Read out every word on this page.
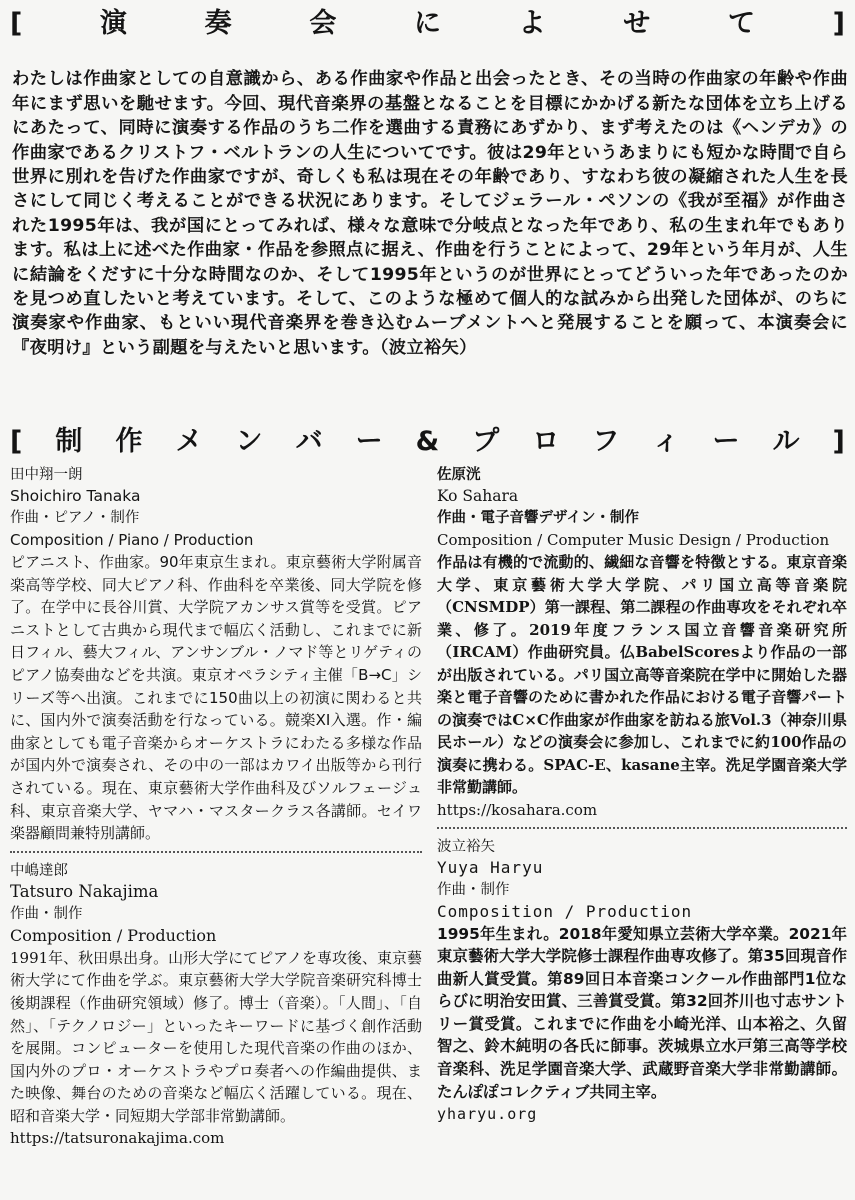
[	演	奏	会	に	よ	せ	て	]

わたしは作曲家としての自意識から、ある作曲家や作品と出会ったとき、その当時の作曲家の年齢や作曲年にまず思いを馳せます。今回、現代音楽界の基盤となることを目標にかかげる新たな団体を立ち上げるにあたって、同時に演奏する作品のうち二作を選曲する責務にあずかり、まず考えたのは《ヘンデカ》の作曲家であるクリストフ・ベルトランの人生についてです。彼は29年というあまりにも短かな時間で自ら世界に別れを告げた作曲家ですが、奇しくも私は現在その年齢であり、すなわち彼の凝縮された人生を長さにして同じく考えることができる状況にあります。そしてジェラール・ペソンの《我が至福》が作曲された1995年は、我が国にとってみれば、様々な意味で分岐点となった年であり、私の生まれ年でもあります。私は上に述べた作曲家・作品を参照点に据え、作曲を行うことによって、29年という年月が、人生に結論をくだすに十分な時間なのか、そして1995年というのが世界にとってどういった年であったのかを見つめ直したいと考えています。そして、このような極めて個人的な試みから出発した団体が、のちに演奏家や作曲家、もといい現代音楽界を巻き込むムーブメントへと発展することを願って、本演奏会に『夜明け』という副題を与えたいと思います。（波立裕矢）

[ 制 作 メ ン バ ー & プ ロ フ ィ ー ル ]
田中翔一朗
Shoichiro Tanaka
作曲・ピアノ・制作
Composition / Piano / Production
ピアニスト、作曲家。90年東京生まれ。東京藝術大学附属音楽高等学校、同大ピアノ科、作曲科を卒業後、同大学院を修了。在学中に長谷川賞、大学院アカンサス賞等を受賞。ピアニストとして古典から現代まで幅広く活動し、これまでに新日フィル、藝大フィル、アンサンブル・ノマド等とリゲティのピアノ協奏曲などを共演。東京オペラシティ主催「B→C」シリーズ等へ出演。これまでに150曲以上の初演に関わると共に、国内外で演奏活動を行なっている。競楽XI入選。作・編曲家としても電子音楽からオーケストラにわたる多様な作品が国内外で演奏され、その中の一部はカワイ出版等から刊行されている。現在、東京藝術大学作曲科及びソルフェージュ科、東京音楽大学、ヤマハ・マスタークラス各講師。セイワ楽器顧問兼特別講師。
中嶋達郎
Tatsuro Nakajima
作曲・制作
Composition / Production
1991年、秋田県出身。山形大学にてピアノを専攻後、東京藝術大学にて作曲を学ぶ。東京藝術大学大学院音楽研究科博士後期課程（作曲研究領域）修了。博士（音楽）。「人間」、「自然」、「テクノロジー」といったキーワードに基づく創作活動を展開。コンピューターを使用した現代音楽の作曲のほか、国内外のプロ・オーケストラやプロ奏者への作編曲提供、また映像、舞台のための音楽など幅広く活躍している。現在、昭和音楽大学・同短期大学部非常勤講師。
https://tatsuronakajima.com
佐原洸
Ko Sahara
作曲・電子音響デザイン・制作
Composition / Computer Music Design / Production
作品は有機的で流動的、繊細な音響を特徴とする。東京音楽大学、東京藝術大学大学院、パリ国立高等音楽院（CNSMDP）第一課程、第二課程の作曲専攻をそれぞれ卒業、修了。2019年度フランス国立音響音楽研究所（IRCAM）作曲研究員。仏BabelScoresより作品の一部が出版されている。パリ国立高等音楽院在学中に開始した器楽と電子音響のために書かれた作品における電子音響パートの演奏ではC×C作曲家が作曲家を訪ねる旅Vol.3（神奈川県民ホール）などの演奏会に参加し、これまでに約100作品の演奏に携わる。SPAC-E、kasane主宰。洗足学園音楽大学非常勤講師。
https://kosahara.com
波立裕矢
Yuya Haryu
作曲・制作
Composition / Production
1995年生まれ。2018年愛知県立芸術大学卒業。2021年東京藝術大学大学院修士課程作曲専攻修了。第35回現音作曲新人賞受賞。第89回日本音楽コンクール作曲部門1位ならびに明治安田賞、三善賞受賞。第32回芥川也寸志サントリー賞受賞。これまでに作曲を小崎光洋、山本裕之、久留智之、鈴木純明の各氏に師事。茨城県立水戸第三高等学校音楽科、洗足学園音楽大学、武蔵野音楽大学非常勤講師。たんぽぽコレクティブ共同主宰。
yharyu.org
